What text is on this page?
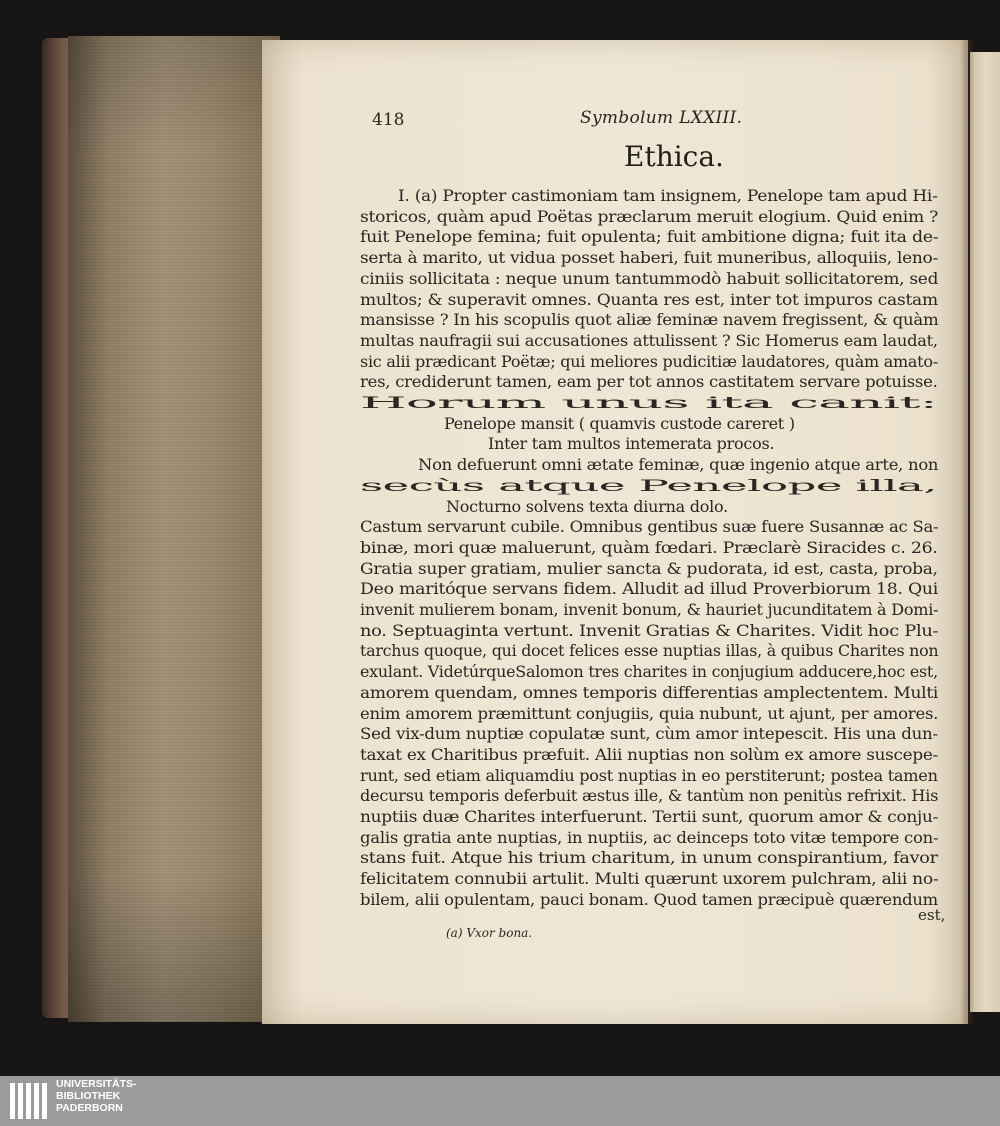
418	Symbolum LXXIII.
Ethica.
I. (a) Propter castimoniam tam insignem, Penelope tam apud Hi-
storicos, quàm apud Poëtas præclarum meruit elogium. Quid enim ?
fuit Penelope femina; fuit opulenta; fuit ambitione digna; fuit ita de-
serta à marito, ut vidua posset haberi, fuit muneribus, alloquiis, leno-
ciniis sollicitata : neque unum tantummodò habuit sollicitatorem, sed
multos; & superavit omnes. Quanta res est, inter tot impuros castam
mansisse ? In his scopulis quot aliæ feminæ navem fregissent, & quàm
multas naufragii sui accusationes attulissent ? Sic Homerus eam laudat,
sic alii prædicant Poëtæ; qui meliores pudicitiæ laudatores, quàm amato-
res, crediderunt tamen, eam per tot annos castitatem servare potuisse.
Horum unus ita canit:
Penelope mansit ( quamvis custode careret )
Inter tam multos intemerata procos.
Non defuerunt omni ætate feminæ, quæ ingenio atque arte, non
secùs atque Penelope illa,
Nocturno solvens texta diurna dolo.
Castum servarunt cubile. Omnibus gentibus suæ fuere Susannæ ac Sa-
binæ, mori quæ maluerunt, quàm fœdari. Præclarè Siracides c. 26.
Gratia super gratiam, mulier sancta & pudorata, id est, casta, proba,
Deo maritóque servans fidem. Alludit ad illud Proverbiorum 18. Qui
invenit mulierem bonam, invenit bonum, & hauriet jucunditatem à Domi-
no. Septuaginta vertunt. Invenit Gratias & Charites. Vidit hoc Plu-
tarchus quoque, qui docet felices esse nuptias illas, à quibus Charites non
exulant. VidetúrqueSalomon tres charites in conjugium adducere,hoc est,
amorem quendam, omnes temporis differentias amplectentem. Multi
enim amorem præmittunt conjugiis, quia nubunt, ut ajunt, per amores.
Sed vix-dum nuptiæ copulatæ sunt, cùm amor intepescit. His una dun-
taxat ex Charitibus præfuit. Alii nuptias non solùm ex amore suscepe-
runt, sed etiam aliquamdiu post nuptias in eo perstiterunt; postea tamen
decursu temporis deferbuit æstus ille, & tantùm non penitùs refrixit. His
nuptiis duæ Charites interfuerunt. Tertii sunt, quorum amor & conju-
galis gratia ante nuptias, in nuptiis, ac deinceps toto vitæ tempore con-
stans fuit. Atque his trium charitum, in unum conspirantium, favor
felicitatem connubii artulit. Multi quærunt uxorem pulchram, alii no-
bilem, alii opulentam, pauci bonam. Quod tamen præcipuè quærendum
est,
(a) Vxor bona.
UNIVERSITÄTS-
BIBLIOTHEK
PADERBORN
